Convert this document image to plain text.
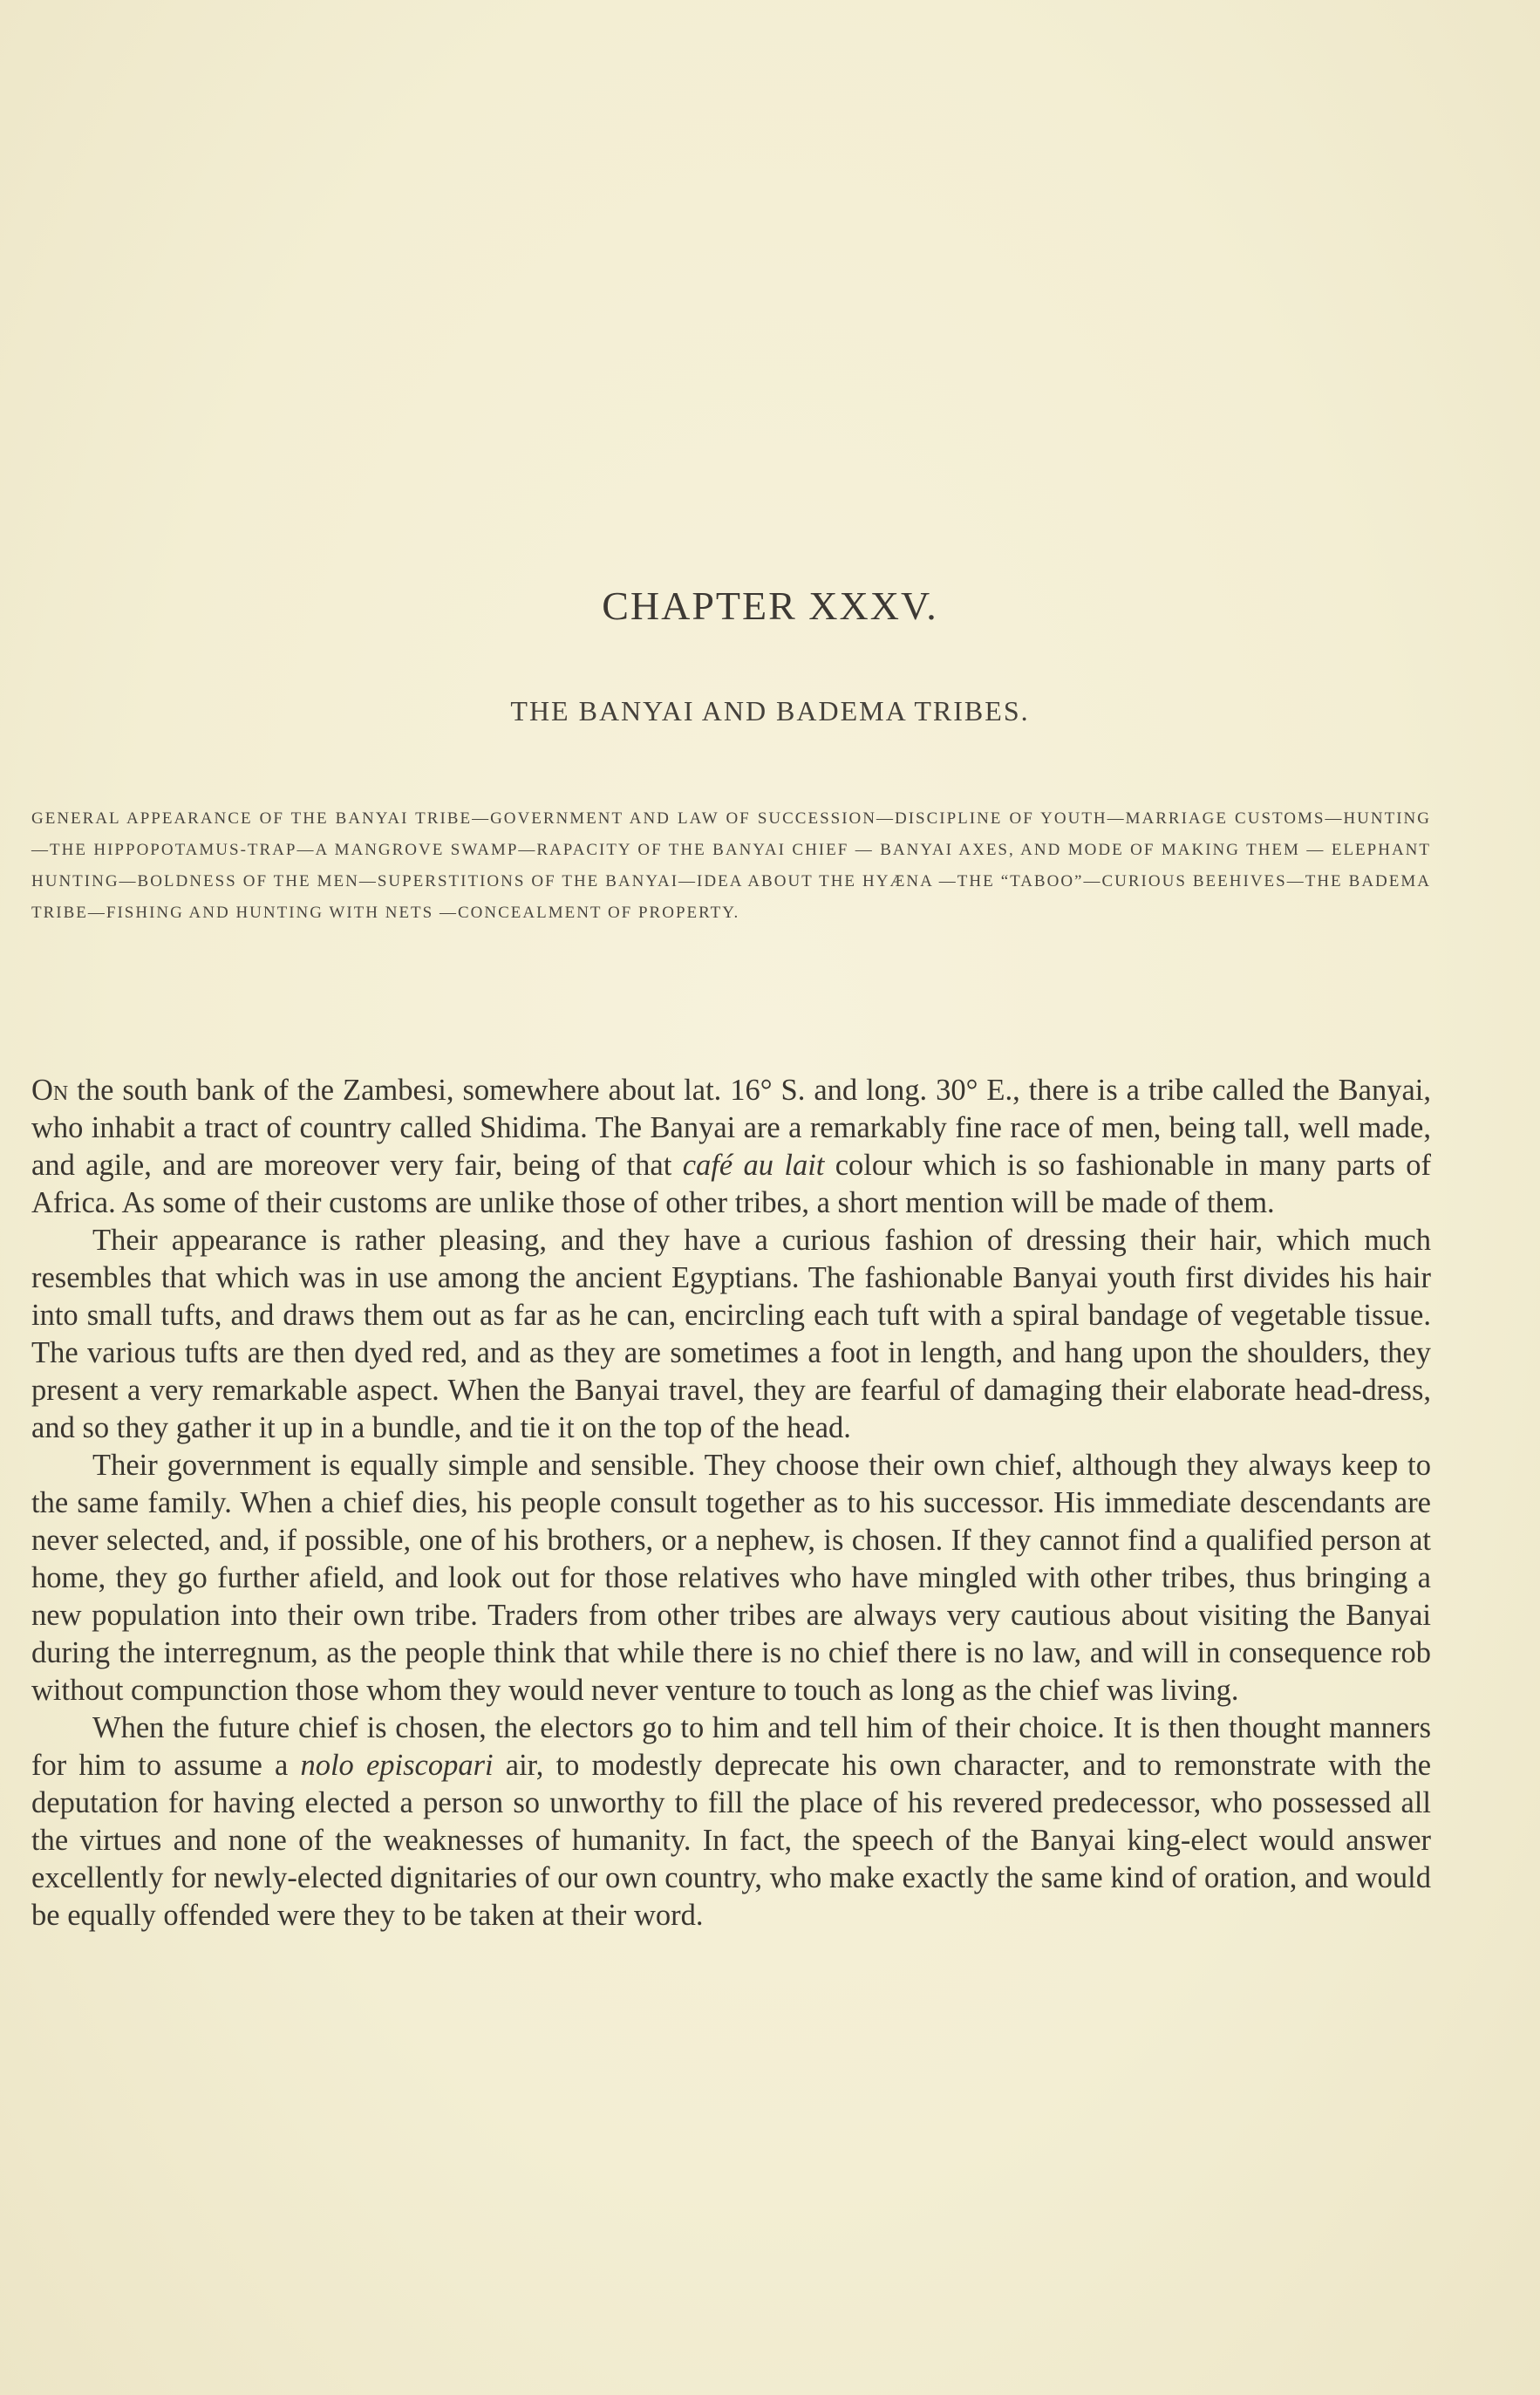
CHAPTER XXXV.
THE BANYAI AND BADEMA TRIBES.
GENERAL APPEARANCE OF THE BANYAI TRIBE—GOVERNMENT AND LAW OF SUCCESSION—DISCIPLINE OF YOUTH—MARRIAGE CUSTOMS—HUNTING—THE HIPPOPOTAMUS-TRAP—A MANGROVE SWAMP—RAPACITY OF THE BANYAI CHIEF — BANYAI AXES, AND MODE OF MAKING THEM — ELEPHANT HUNTING—BOLDNESS OF THE MEN—SUPERSTITIONS OF THE BANYAI—IDEA ABOUT THE HYÆNA —THE “TABOO”—CURIOUS BEEHIVES—THE BADEMA TRIBE—FISHING AND HUNTING WITH NETS —CONCEALMENT OF PROPERTY.

On the south bank of the Zambesi, somewhere about lat. 16° S. and long. 30° E., there is a tribe called the Banyai, who inhabit a tract of country called Shidima. The Banyai are a remarkably fine race of men, being tall, well made, and agile, and are moreover very fair, being of that café au lait colour which is so fashionable in many parts of Africa. As some of their customs are unlike those of other tribes, a short mention will be made of them.

Their appearance is rather pleasing, and they have a curious fashion of dressing their hair, which much resembles that which was in use among the ancient Egyptians. The fashionable Banyai youth first divides his hair into small tufts, and draws them out as far as he can, encircling each tuft with a spiral bandage of vegetable tissue. The various tufts are then dyed red, and as they are sometimes a foot in length, and hang upon the shoulders, they present a very remarkable aspect. When the Banyai travel, they are fearful of damaging their elaborate head-dress, and so they gather it up in a bundle, and tie it on the top of the head.

Their government is equally simple and sensible. They choose their own chief, although they always keep to the same family. When a chief dies, his people consult together as to his successor. His immediate descendants are never selected, and, if possible, one of his brothers, or a nephew, is chosen. If they cannot find a qualified person at home, they go further afield, and look out for those relatives who have mingled with other tribes, thus bringing a new population into their own tribe. Traders from other tribes are always very cautious about visiting the Banyai during the interregnum, as the people think that while there is no chief there is no law, and will in consequence rob without compunction those whom they would never venture to touch as long as the chief was living.

When the future chief is chosen, the electors go to him and tell him of their choice. It is then thought manners for him to assume a nolo episcopari air, to modestly deprecate his own character, and to remonstrate with the deputation for having elected a person so unworthy to fill the place of his revered predecessor, who possessed all the virtues and none of the weaknesses of humanity. In fact, the speech of the Banyai king-elect would answer excellently for newly-elected dignitaries of our own country, who make exactly the same kind of oration, and would be equally offended were they to be taken at their word.
